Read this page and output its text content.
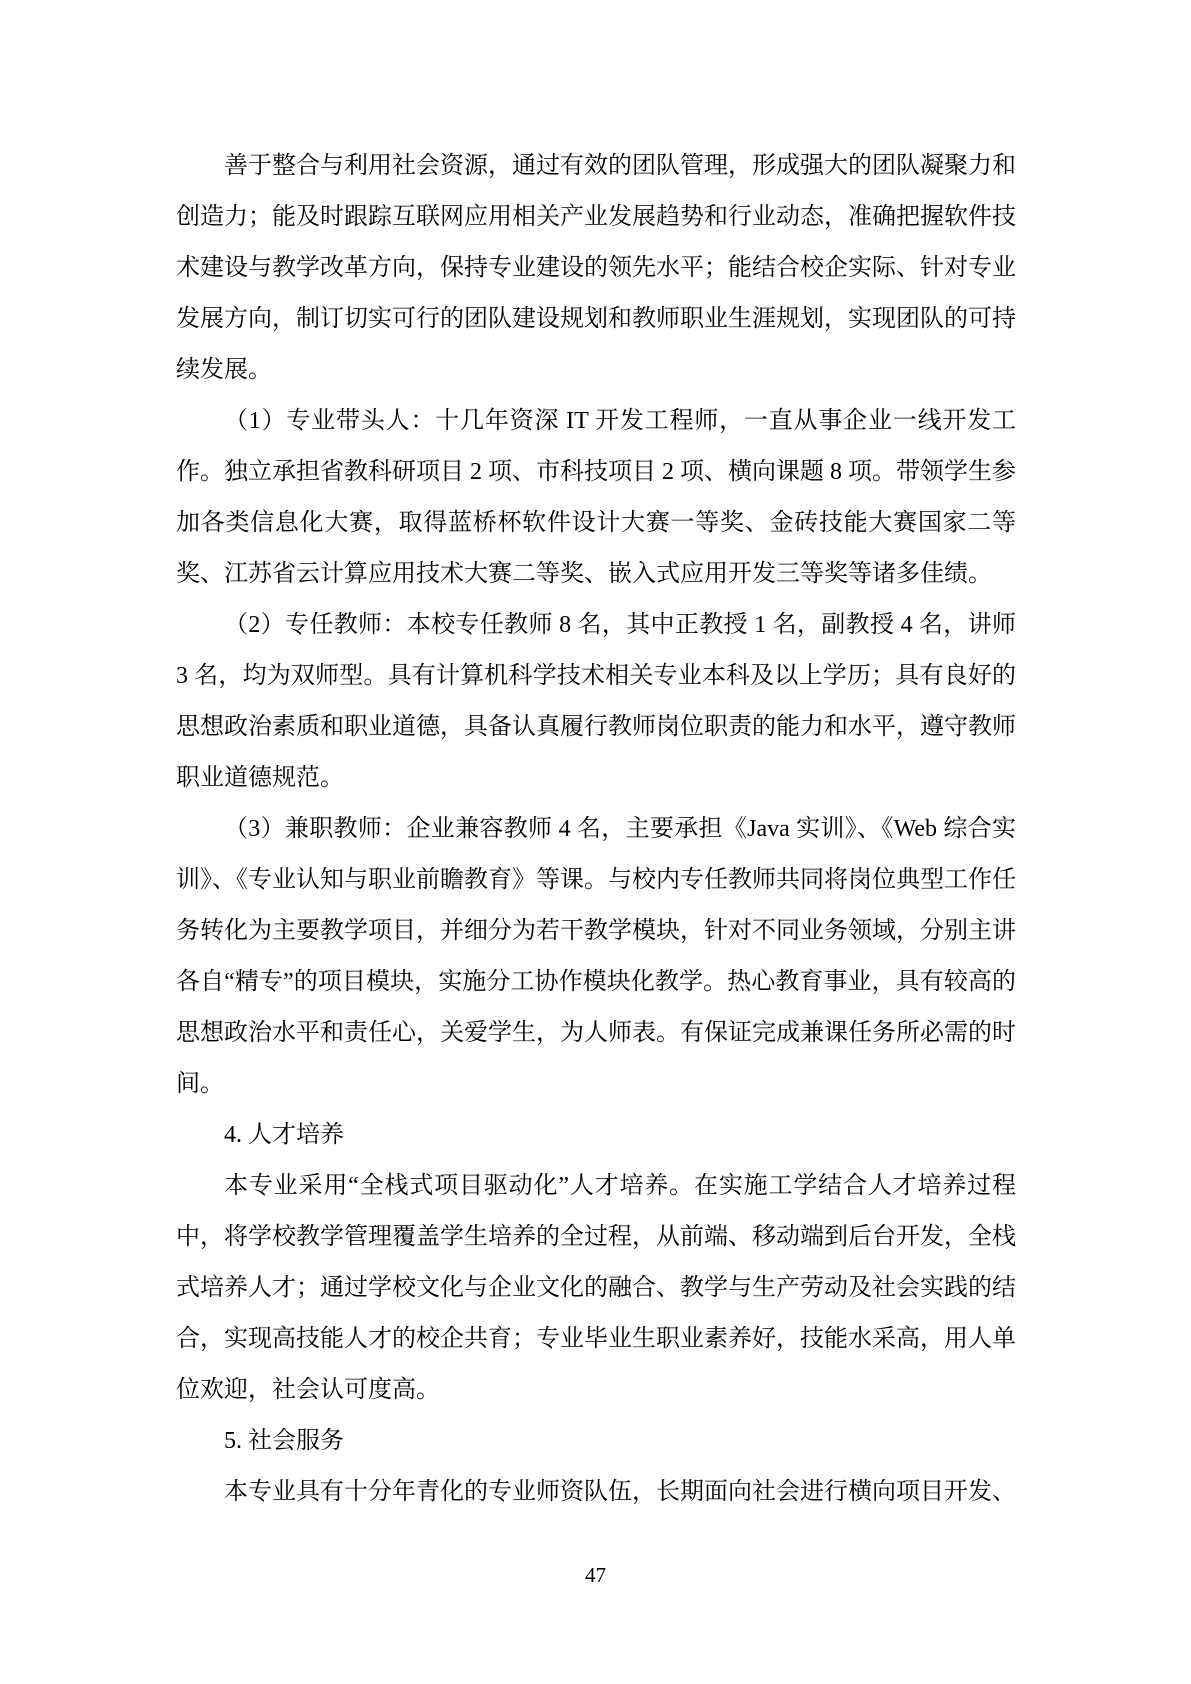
善于整合与利用社会资源，通过有效的团队管理，形成强大的团队凝聚力和创造力；能及时跟踪互联网应用相关产业发展趋势和行业动态，准确把握软件技术建设与教学改革方向，保持专业建设的领先水平；能结合校企实际、针对专业发展方向，制订切实可行的团队建设规划和教师职业生涯规划，实现团队的可持续发展。

（1）专业带头人：十几年资深 IT 开发工程师，一直从事企业一线开发工作。独立承担省教科研项目 2 项、市科技项目 2 项、横向课题 8 项。带领学生参加各类信息化大赛，取得蓝桥杯软件设计大赛一等奖、金砖技能大赛国家二等奖、江苏省云计算应用技术大赛二等奖、嵌入式应用开发三等奖等诸多佳绩。

（2）专任教师：本校专任教师 8 名，其中正教授 1 名，副教授 4 名，讲师 3 名，均为双师型。具有计算机科学技术相关专业本科及以上学历；具有良好的思想政治素质和职业道德，具备认真履行教师岗位职责的能力和水平，遵守教师职业道德规范。

（3）兼职教师：企业兼容教师 4 名，主要承担《Java 实训》、《Web 综合实训》、《专业认知与职业前瞻教育》等课。与校内专任教师共同将岗位典型工作任务转化为主要教学项目，并细分为若干教学模块，针对不同业务领域，分别主讲各自“精专”的项目模块，实施分工协作模块化教学。热心教育事业，具有较高的思想政治水平和责任心，关爱学生，为人师表。有保证完成兼课任务所必需的时间。

4. 人才培养

本专业采用“全栈式项目驱动化”人才培养。在实施工学结合人才培养过程中，将学校教学管理覆盖学生培养的全过程，从前端、移动端到后台开发，全栈式培养人才；通过学校文化与企业文化的融合、教学与生产劳动及社会实践的结合，实现高技能人才的校企共育；专业毕业生职业素养好，技能水采高，用人单位欢迎，社会认可度高。

5. 社会服务

本专业具有十分年青化的专业师资队伍，长期面向社会进行横向项目开发、

47
